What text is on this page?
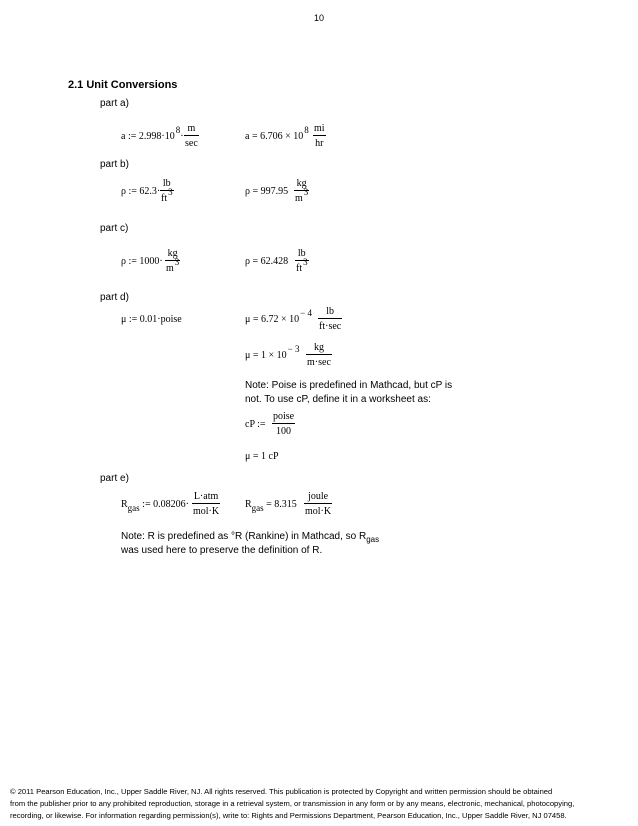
10
2.1 Unit Conversions
part a)
a := 2.998·108·
m
sec
$a = 6.706 \times 108 \frac{mi}{hr}$
part b)
ρ := $62.3\cdot \frac{lb}{ft3}$	$\rho = 997.95 \frac{kg}{m3}$
part c)
ρ := $1000\cdot \frac{kg}{m3}$	$\rho = 62.428 \frac{lb}{ft3}$
part d)
μ := 0.01·poise	μ = 6.72 × 10− 4	lb
ft·sec
μ = 1 × 10− 3	kg
m·sec
Note: Poise is predefined in Mathcad, but cP is
not. To use cP, define it in a worksheet as:
cP :=
poise
100
μ = 1 cP
part e)
Rgas := 0.08206·
L·atm
mol·K
Rgas = 8.315
joule
mol·K
Note: R is predefined as °R (Rankine) in Mathcad, so $R_{gas}$
was used here to preserve the definition of R.
© 2011 Pearson Education, Inc., Upper Saddle River, NJ. All rights reserved. This publication is protected by Copyright and written permission should be obtained
from the publisher prior to any prohibited reproduction, storage in a retrieval system, or transmission in any form or by any means, electronic, mechanical, photocopying,
recording, or likewise. For information regarding permission(s), write to: Rights and Permissions Department, Pearson Education, Inc., Upper Saddle River, NJ 07458.
